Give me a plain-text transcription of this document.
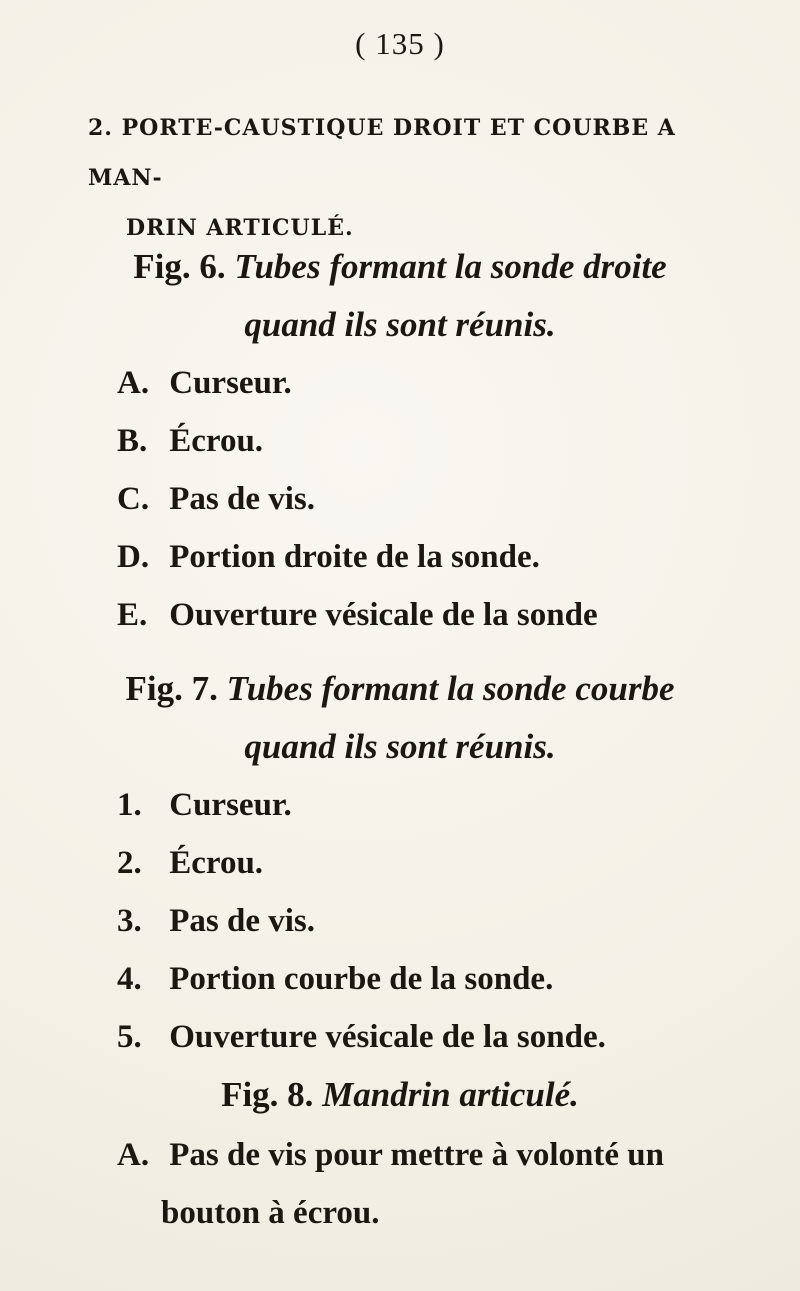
( 135 )
2. PORTE-CAUSTIQUE DROIT ET COURBE A MAN-
DRIN ARTICULÉ.
Fig. 6. Tubes formant la sonde droite
quand ils sont réunis.
A. Curseur.
B. Écrou.
C. Pas de vis.
D. Portion droite de la sonde.
E. Ouverture vésicale de la sonde
Fig. 7. Tubes formant la sonde courbe
quand ils sont réunis.
1. Curseur.
2. Écrou.
3. Pas de vis.
4. Portion courbe de la sonde.
5. Ouverture vésicale de la sonde.
Fig. 8. Mandrin articulé.
A. Pas de vis pour mettre à volonté un
bouton à écrou.
